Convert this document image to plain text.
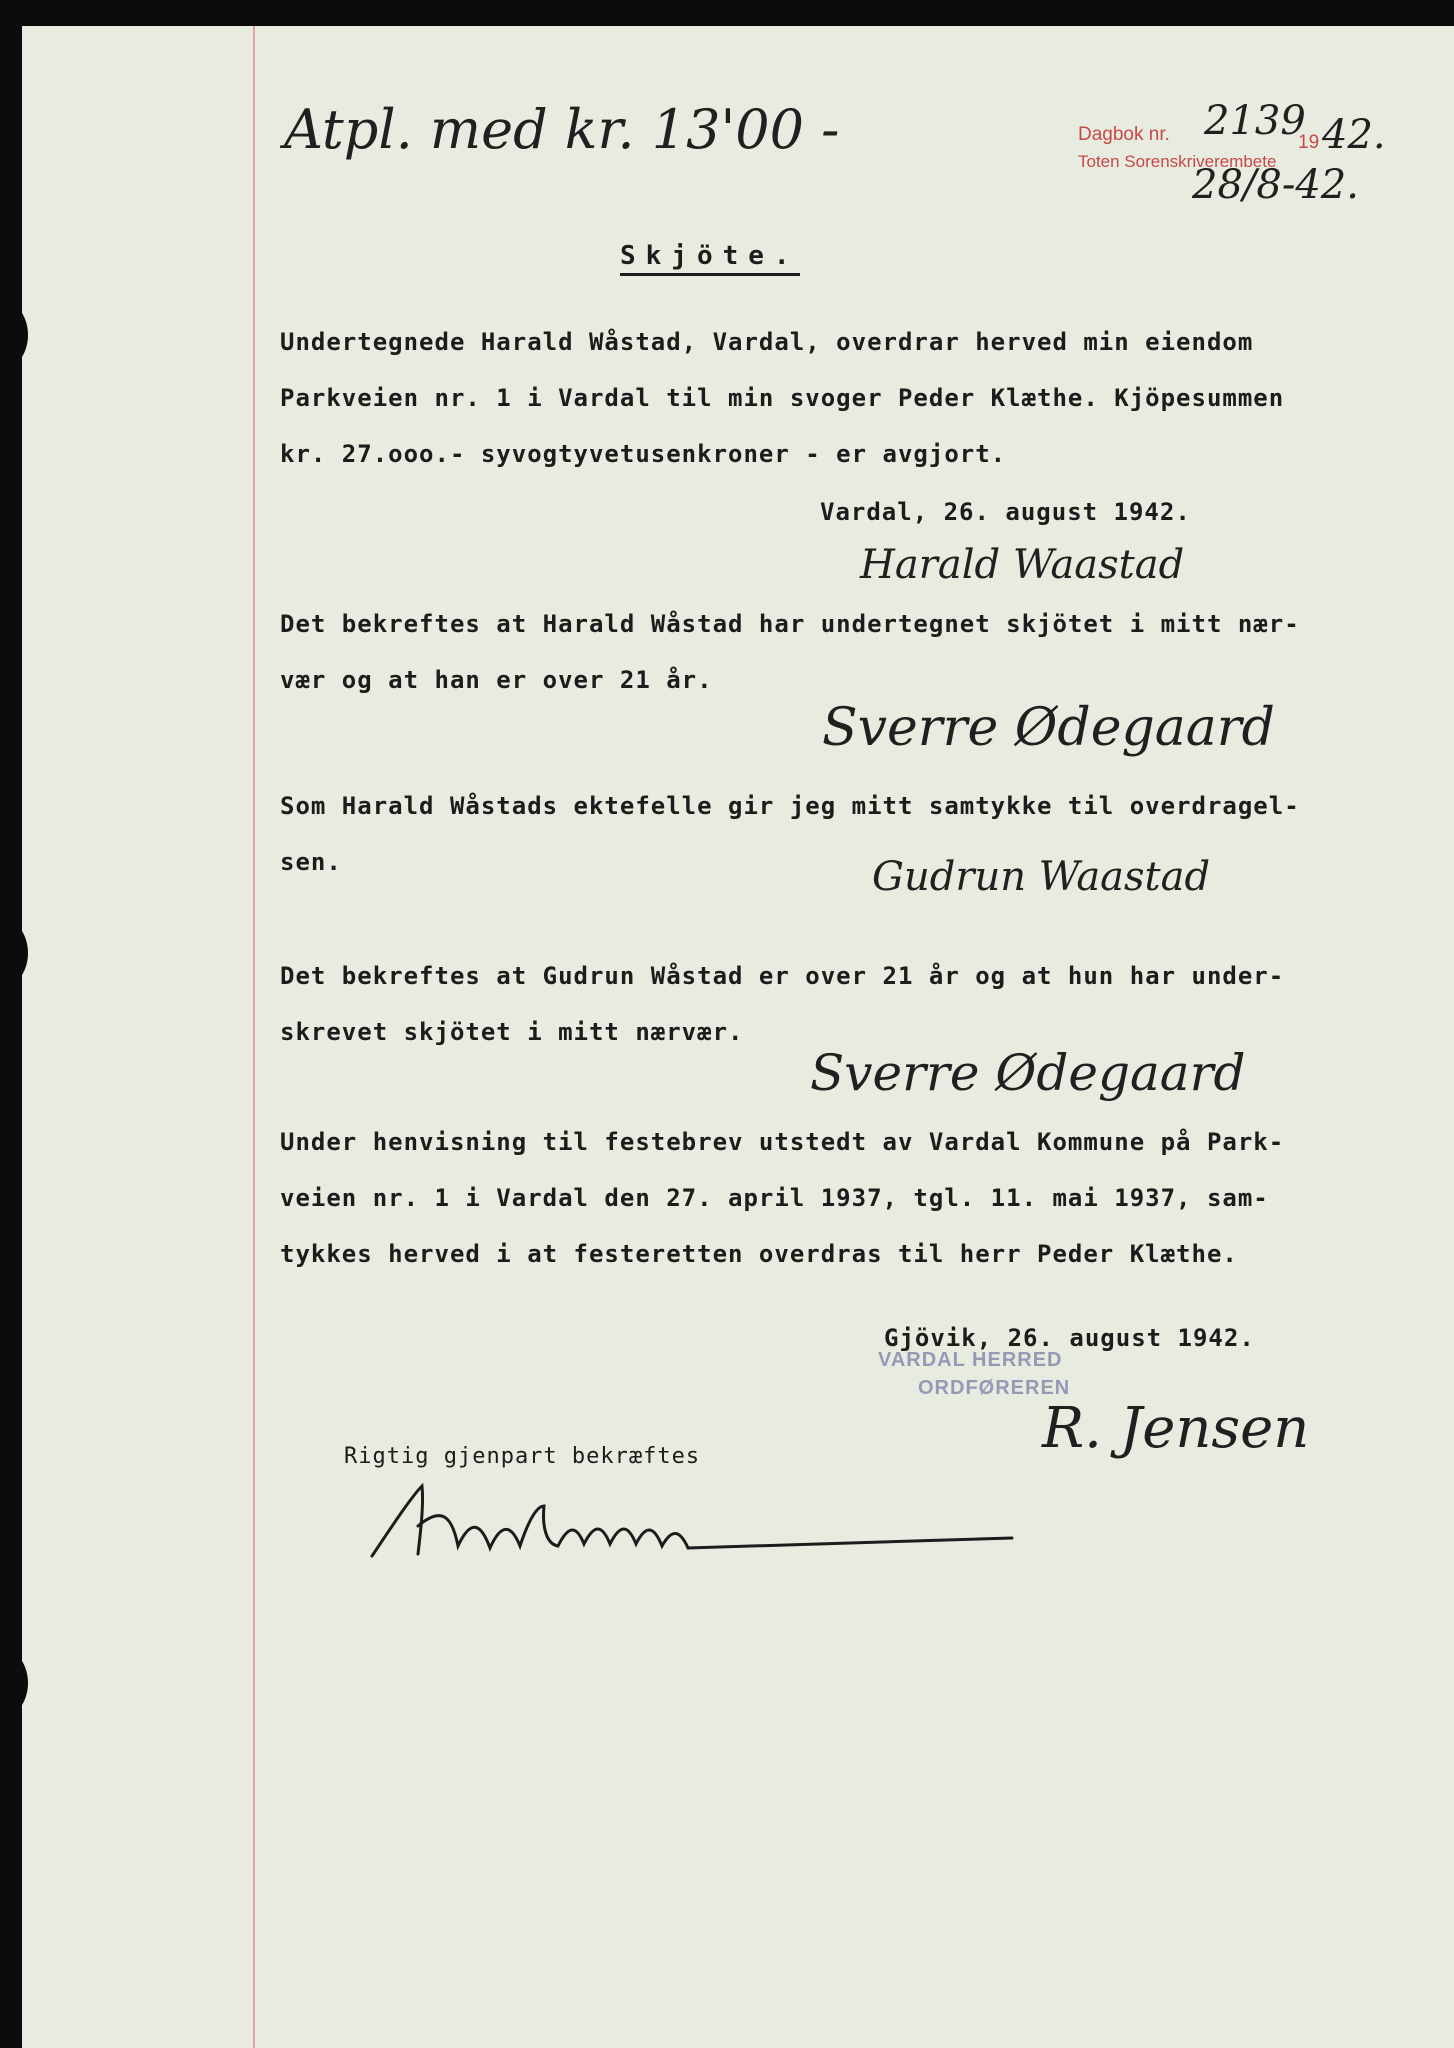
Atpl. med kr. 13'00 -	Dagbok nr. 2139
19 42.
Toten Sorenskriverembete
28/8-42.
Skjöte.
Undertegnede Harald Wåstad, Vardal, overdrar herved min eiendom
Parkveien nr. 1 i Vardal til min svoger Peder Klæthe. Kjöpesummen
kr. 27.ooo.- syvogtyvetusenkroner - er avgjort.
Vardal, 26. august 1942.
Harald Waastad
Det bekreftes at Harald Wåstad har undertegnet skjötet i mitt nær-
vær og at han er over 21 år.
Sverre Ødegaard
Som Harald Wåstads ektefelle gir jeg mitt samtykke til overdragel-
sen.	Gudrun Waastad
Det bekreftes at Gudrun Wåstad er over 21 år og at hun har under-
skrevet skjötet i mitt nærvær.
Sverre Ødegaard
Under henvisning til festebrev utstedt av Vardal Kommune på Park-
veien nr. 1 i Vardal den 27. april 1937, tgl. 11. mai 1937, sam-
tykkes herved i at festeretten overdras til herr Peder Klæthe.
Gjövik, 26. august 1942.
VARDAL HERRED
ORDFØREREN
R. Jensen
Rigtig gjenpart bekræftes
